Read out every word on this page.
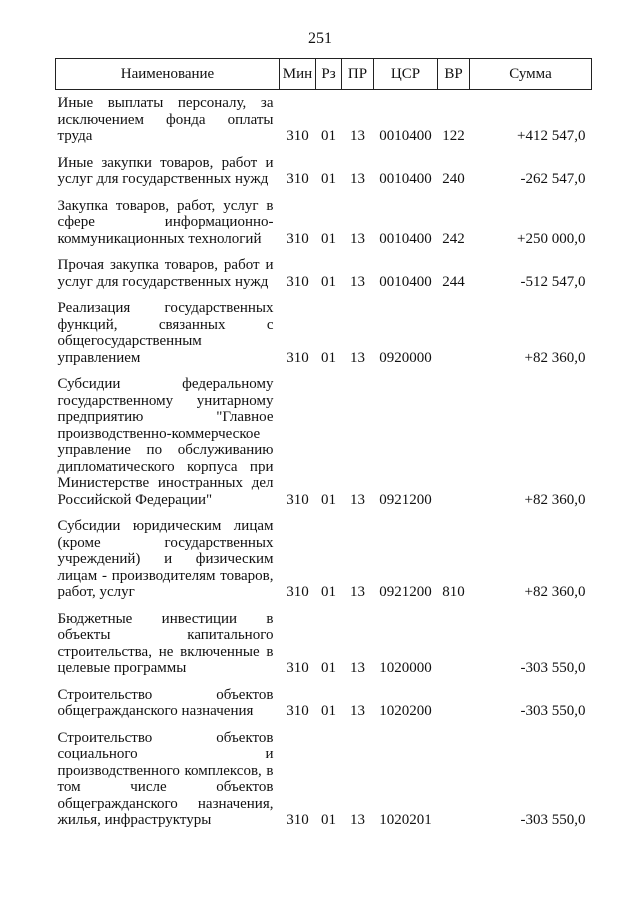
251
Наименование	Мин	Рз	ПР	ЦСР	ВР	Сумма
Иные выплаты персоналу, за исключением фонда оплаты труда	310	01	13	0010400	122	+412 547,0
Иные закупки товаров, работ и услуг для государственных нужд	310	01	13	0010400	240	-262 547,0
Закупка товаров, работ, услуг в сфере информационно-коммуникационных технологий	310	01	13	0010400	242	+250 000,0
Прочая закупка товаров, работ и услуг для государственных нужд	310	01	13	0010400	244	-512 547,0
Реализация государственных функций, связанных с общегосударственным управлением	310	01	13	0920000		+82 360,0
Субсидии федеральному государственному унитарному предприятию "Главное производственно-коммерческое управление по обслуживанию дипломатического корпуса при Министерстве иностранных дел Российской Федерации"	310	01	13	0921200		+82 360,0
Субсидии юридическим лицам (кроме государственных учреждений) и физическим лицам - производителям товаров, работ, услуг	310	01	13	0921200	810	+82 360,0
Бюджетные инвестиции в объекты капитального строительства, не включенные в целевые программы	310	01	13	1020000		-303 550,0
Строительство объектов общегражданского назначения	310	01	13	1020200		-303 550,0
Строительство объектов социального и производственного комплексов, в том числе объектов общегражданского назначения, жилья, инфраструктуры	310	01	13	1020201		-303 550,0
